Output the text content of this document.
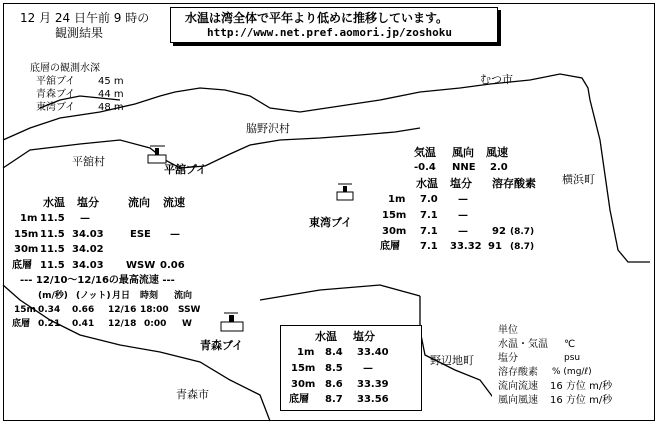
12 月 24 日午前 9 時の
観測結果
水温は湾全体で平年より低めに推移しています。
http://www.net.pref.aomori.jp/zoshoku
底層の観測水深
平舘ブイ 45 m
青森ブイ 44 m
東湾ブイ 48 m
むつ市
脇野沢村
平舘村
横浜町
青森市
野辺地町
平舘ブイ
東湾ブイ
青森ブイ
水温 塩分	流向 流速
1m 11.5 —
15m 11.5 34.03	ESE —
30m 11.5 34.02
底層 11.5 34.03 WSW 0.06
--- 12/10～12/16の最高流速 ---
(m/秒) (ノット) 月日 時刻 流向
15m 0.34 0.66 12/16 18:00 SSW
底層 0.21 0.41 12/18 0:00 W
気温 風向 風速
-0.4 NNE 2.0
水温 塩分 溶存酸素
1m 7.0 —
15m 7.1 —
30m 7.1 — 92 (8.7)
底層 7.1 33.32 91 (8.7)
水温 塩分
1m 8.4 33.40
15m 8.5 —
30m 8.6 33.39
底層 8.7 33.56
単位
水温・気温 ℃
塩分	psu
溶存酸素 % (mg/ℓ)
流向流速 16 方位 m/秒
風向風速 16 方位 m/秒
